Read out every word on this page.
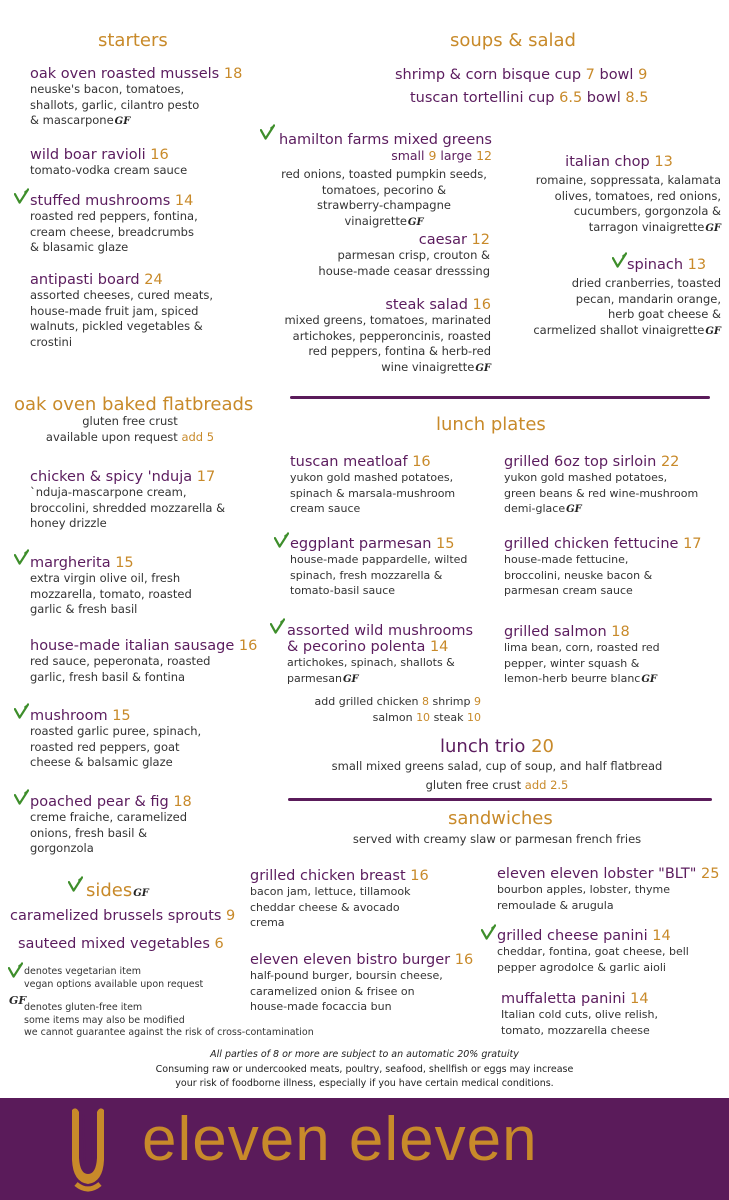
starters
oak oven roasted mussels 18
neuske's bacon, tomatoes,
shallots, garlic, cilantro pesto
& mascarponeGF
wild boar ravioli 16
tomato-vodka cream sauce
stuffed mushrooms 14
roasted red peppers, fontina,
cream cheese, breadcrumbs
& blasamic glaze
antipasti board 24
assorted cheeses, cured meats,
house-made fruit jam, spiced
walnuts, pickled vegetables &
crostini
oak oven baked flatbreads
gluten free crust
available upon request add 5
chicken & spicy 'nduja 17
`nduja-mascarpone cream,
broccolini, shredded mozzarella &
honey drizzle
margherita 15
extra virgin olive oil, fresh
mozzarella, tomato, roasted
garlic & fresh basil
house-made italian sausage 16
red sauce, peperonata, roasted
garlic, fresh basil & fontina
mushroom 15
roasted garlic puree, spinach,
roasted red peppers, goat
cheese & balsamic glaze
poached pear & fig 18
creme fraiche, caramelized
onions, fresh basil &
gorgonzola
sidesGF
caramelized brussels sprouts 9
sauteed mixed vegetables 6
denotes vegetarian item
vegan options available upon request
GF
denotes gluten-free item
some items may also be modified
we cannot guarantee against the risk of cross-contamination
soups & salad
shrimp & corn bisque cup 7 bowl 9
tuscan tortellini cup 6.5 bowl 8.5
hamilton farms mixed greens
small 9 large 12
red onions, toasted pumpkin seeds,
tomatoes, pecorino &
strawberry-champagne vinaigretteGF
caesar 12
parmesan crisp, crouton &
house-made ceasar dresssing
steak salad 16
mixed greens, tomatoes, marinated
artichokes, pepperoncinis, roasted
red peppers, fontina & herb-red
wine vinaigretteGF
italian chop 13
romaine, soppressata, kalamata
olives, tomatoes, red onions,
cucumbers, gorgonzola &
tarragon vinaigretteGF
spinach 13
dried cranberries, toasted
pecan, mandarin orange,
herb goat cheese &
carmelized shallot vinaigretteGF
lunch plates
tuscan meatloaf 16
yukon gold mashed potatoes,
spinach & marsala-mushroom
cream sauce
eggplant parmesan 15
house-made pappardelle, wilted
spinach, fresh mozzarella &
tomato-basil sauce
assorted wild mushrooms
& pecorino polenta 14
artichokes, spinach, shallots &
parmesanGF
add grilled chicken 8 shrimp 9
salmon 10 steak 10
grilled 6oz top sirloin 22
yukon gold mashed potatoes,
green beans & red wine-mushroom
demi-glaceGF
grilled chicken fettucine 17
house-made fettucine,
broccolini, neuske bacon &
parmesan cream sauce
grilled salmon 18
lima bean, corn, roasted red
pepper, winter squash &
lemon-herb beurre blancGF
lunch trio 20
small mixed greens salad, cup of soup, and half flatbread
gluten free crust add 2.5
sandwiches
served with creamy slaw or parmesan french fries
grilled chicken breast 16
bacon jam, lettuce, tillamook
cheddar cheese & avocado
crema
eleven eleven bistro burger 16
half-pound burger, boursin cheese,
caramelized onion & frisee on
house-made focaccia bun
eleven eleven lobster "BLT" 25
bourbon apples, lobster, thyme
remoulade & arugula
grilled cheese panini 14
cheddar, fontina, goat cheese, bell
pepper agrodolce & garlic aioli
muffaletta panini 14
Italian cold cuts, olive relish,
tomato, mozzarella cheese
All parties of 8 or more are subject to an automatic 20% gratuity
Consuming raw or undercooked meats, poultry, seafood, shellfish or eggs may increase
your risk of foodborne illness, especially if you have certain medical conditions.
eleven eleven
